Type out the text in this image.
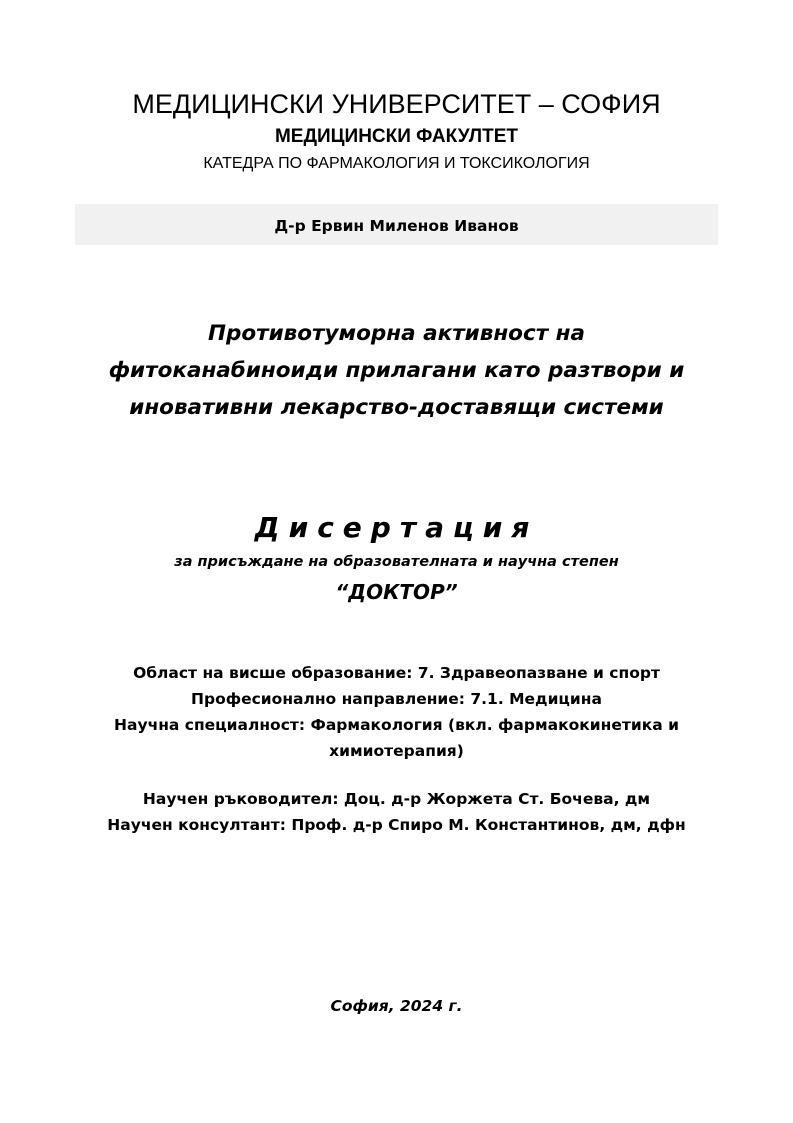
МЕДИЦИНСКИ УНИВЕРСИТЕТ – СОФИЯ
МЕДИЦИНСКИ ФАКУЛТЕТ
КАТЕДРА ПО ФАРМАКОЛОГИЯ И ТОКСИКОЛОГИЯ
Д-р Ервин Миленов Иванов
Противотуморна активност на
фитоканабиноиди прилагани като разтвори и
иновативни лекарство-доставящи системи
Дисертация
за присъждане на образователната и научна степен
“ДОКТОР”
Област на висше образование: 7. Здравеопазване и спорт
Професионално направление: 7.1. Медицина
Научна специалност: Фармакология (вкл. фармакокинетика и
химиотерапия)
Научен ръководител: Доц. д-р Жоржета Ст. Бочева, дм
Научен консултант: Проф. д-р Спиро М. Константинов, дм, дфн
София, 2024 г.
